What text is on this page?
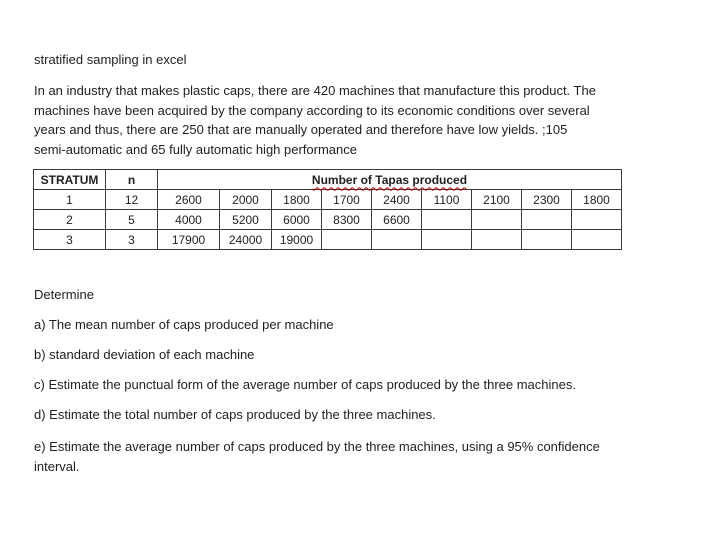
stratified sampling in excel
In an industry that makes plastic caps, there are 420 machines that manufacture this product. The
machines have been acquired by the company according to its economic conditions over several
years and thus, there are 250 that are manually operated and therefore have low yields. ;105
semi-automatic and 65 fully automatic high performance
STRATUM	n	Number of Tapas produced								
1	12	2600	2000	1800	1700	2400	1100	2100	2300	1800
2	5	4000	5200	6000	8300	6600				
3	3	17900	24000	19000						
Determine
a) The mean number of caps produced per machine
b) standard deviation of each machine
c) Estimate the punctual form of the average number of caps produced by the three machines.
d) Estimate the total number of caps produced by the three machines.
e) Estimate the average number of caps produced by the three machines, using a 95% confidence interval.
